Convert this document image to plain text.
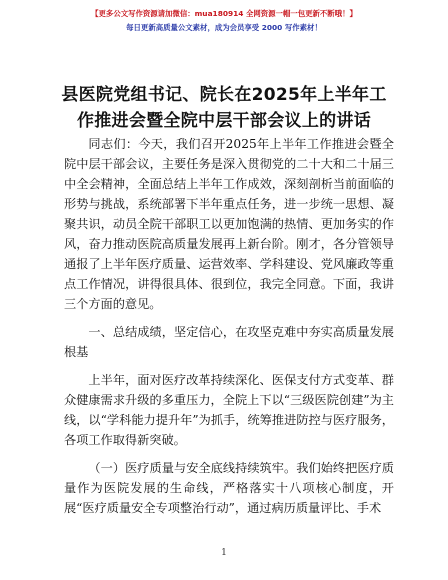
【更多公文写作资源请加微信：mua180914 全网资源一帽一包更新不断哦！】
每日更新高质量公文素材，成为会员享受 2000 写作素材！
县医院党组书记、院长在2025年上半年工作推进会暨全院中层干部会议上的讲话

同志们：今天，我们召开2025年上半年工作推进会暨全院中层干部会议，主要任务是深入贯彻党的二十大和二十届三中全会精神，全面总结上半年工作成效，深刻剖析当前面临的形势与挑战，系统部署下半年重点任务，进一步统一思想、凝聚共识，动员全院干部职工以更加饱满的热情、更加务实的作风，奋力推动医院高质量发展再上新台阶。刚才，各分管领导通报了上半年医疗质量、运营效率、学科建设、党风廉政等重点工作情况，讲得很具体、很到位，我完全同意。下面，我讲三个方面的意见。

一、总结成绩，坚定信心，在攻坚克难中夯实高质量发展根基

上半年，面对医疗改革持续深化、医保支付方式变革、群众健康需求升级的多重压力，全院上下以“三级医院创建”为主线，以“学科能力提升年”为抓手，统筹推进防控与医疗服务，各项工作取得新突破。

（一）医疗质量与安全底线持续筑牢。我们始终把医疗质量作为医院发展的生命线，严格落实十八项核心制度，开展“医疗质量安全专项整治行动”，通过病历质量评比、手术

1
